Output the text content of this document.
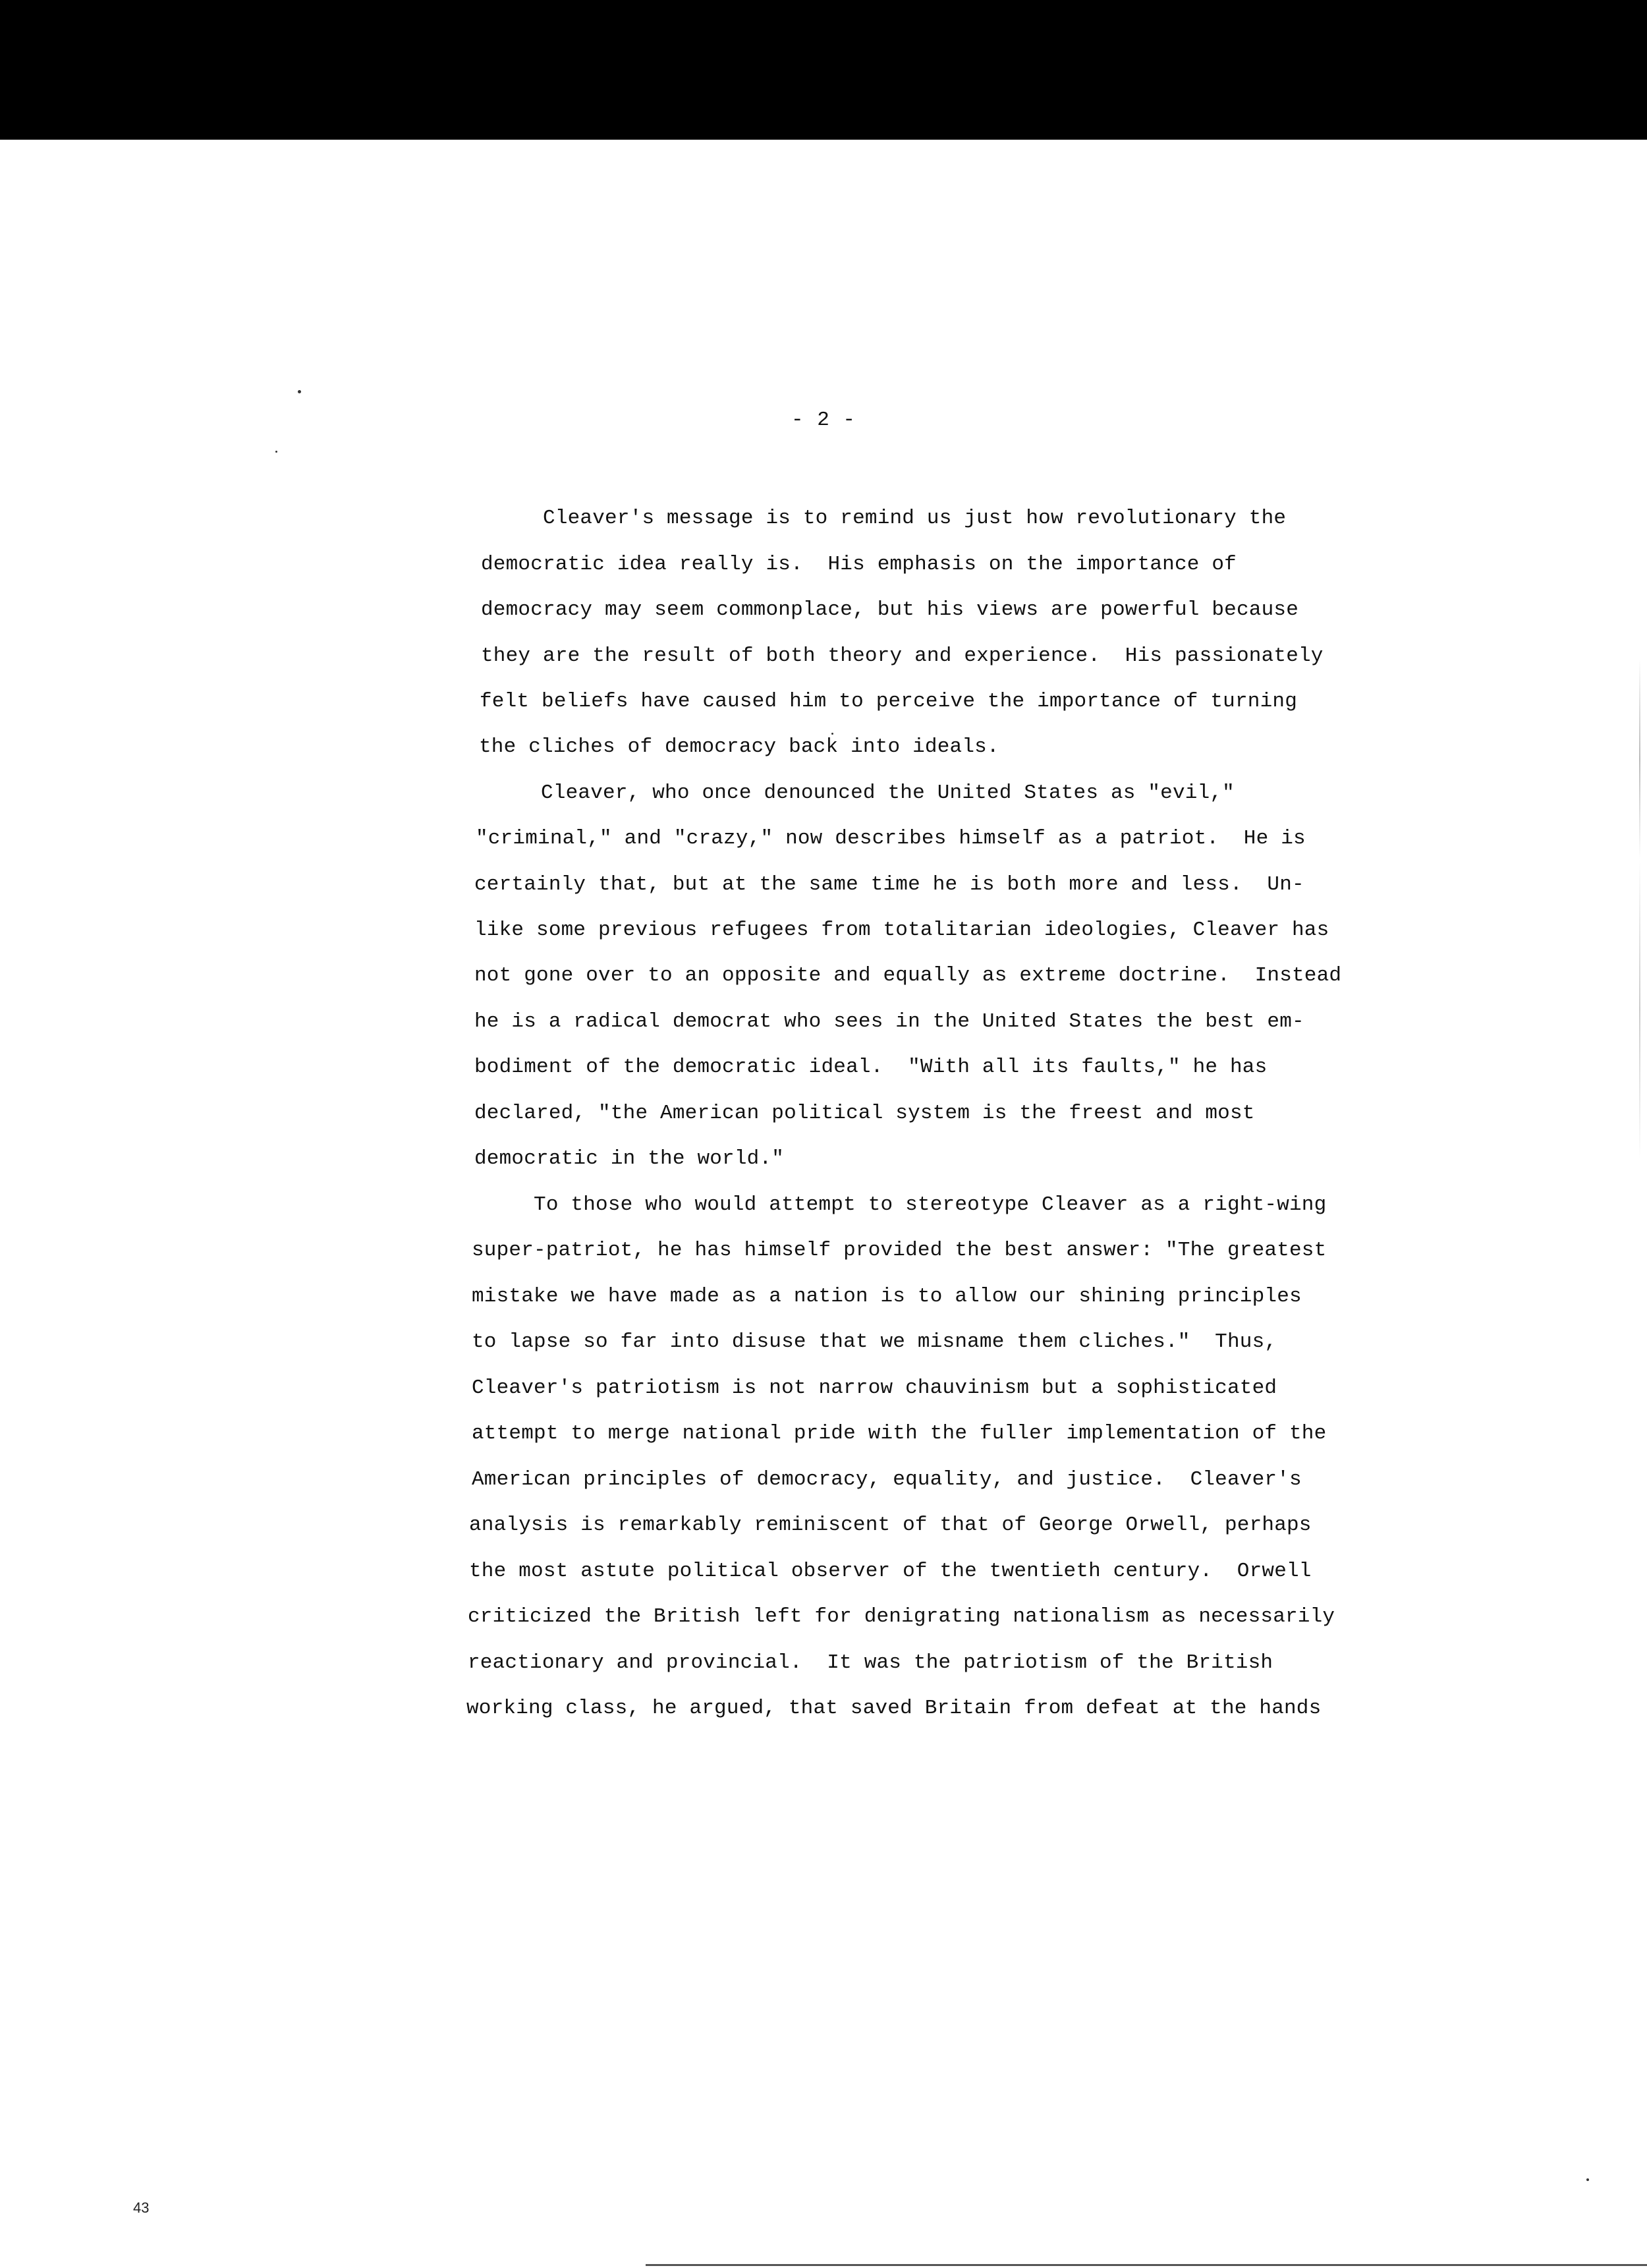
- 2 -
Cleaver's message is to remind us just how revolutionary the
democratic idea really is.  His emphasis on the importance of
democracy may seem commonplace, but his views are powerful because
they are the result of both theory and experience.  His passionately
felt beliefs have caused him to perceive the importance of turning
the cliches of democracy back into ideals.
Cleaver, who once denounced the United States as "evil,"
"criminal," and "crazy," now describes himself as a patriot.  He is
certainly that, but at the same time he is both more and less.  Un-
like some previous refugees from totalitarian ideologies, Cleaver has
not gone over to an opposite and equally as extreme doctrine.  Instead
he is a radical democrat who sees in the United States the best em-
bodiment of the democratic ideal.  "With all its faults," he has
declared, "the American political system is the freest and most
democratic in the world."
To those who would attempt to stereotype Cleaver as a right-wing
super-patriot, he has himself provided the best answer: "The greatest
mistake we have made as a nation is to allow our shining principles
to lapse so far into disuse that we misname them cliches."  Thus,
Cleaver's patriotism is not narrow chauvinism but a sophisticated
attempt to merge national pride with the fuller implementation of the
American principles of democracy, equality, and justice.  Cleaver's
analysis is remarkably reminiscent of that of George Orwell, perhaps
the most astute political observer of the twentieth century.  Orwell
criticized the British left for denigrating nationalism as necessarily
reactionary and provincial.  It was the patriotism of the British
working class, he argued, that saved Britain from defeat at the hands
43
